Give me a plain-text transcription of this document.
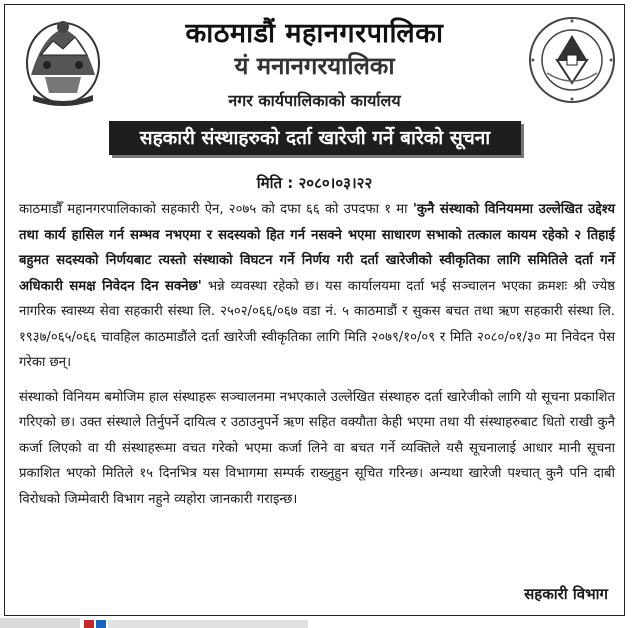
काठमाडौं महानगरपालिका
यं मनानगरयालिका
नगर कार्यपालिकाको कार्यालय
सहकारी संस्थाहरुको दर्ता खारेजी गर्ने बारेको सूचना
मिति : २०८०।०३।२२

काठमाडौँ महानगरपालिकाको सहकारी ऐन, २०७५ को दफा ६६ को उपदफा १ मा 'कुनै संस्थाको विनियममा उल्लेखित उद्देश्य तथा कार्य हासिल गर्न सम्भव नभएमा र सदस्यको हित गर्न नसक्ने भएमा साधारण सभाको तत्काल कायम रहेको २ तिहाई बहुमत सदस्यको निर्णयबाट त्यस्तो संस्थाको विघटन गर्ने निर्णय गरी दर्ता खारेजीको स्वीकृतिका लागि समितिले दर्ता गर्ने अधिकारी समक्ष निवेदन दिन सक्नेछ' भन्ने व्यवस्था रहेको छ। यस कार्यालयमा दर्ता भई सञ्चालन भएका क्रमशः श्री ज्येष्ठ नागरिक स्वास्थ्य सेवा सहकारी संस्था लि. २५०२/०६६/०६७ वडा नं. ५ काठमाडौं र सुकस बचत तथा ऋण सहकारी संस्था लि. १९३७/०६५/०६६ चावहिल काठमाडौंले दर्ता खारेजी स्वीकृतिका लागि मिति २०७९/१०/०९ र मिति २०८०/०१/३० मा निवेदन पेस गरेका छन्।

संस्थाको विनियम बमोजिम हाल संस्थाहरू सञ्चालनमा नभएकाले उल्लेखित संस्थाहरु दर्ता खारेजीको लागि यो सूचना प्रकाशित गरिएको छ। उक्त संस्थाले तिर्नुपर्ने दायित्व र उठाउनुपर्ने ऋण सहित वक्यौता केही भएमा तथा यी संस्थाहरुबाट धितो राखी कुनै कर्जा लिएको वा यी संस्थाहरूमा वचत गरेको भएमा कर्जा लिने वा बचत गर्ने व्यक्तिले यसै सूचनालाई आधार मानी सूचना प्रकाशित भएको मितिले १५ दिनभित्र यस विभागमा सम्पर्क राख्नुहुन सूचित गरिन्छ। अन्यथा खारेजी पश्चात् कुनै पनि दाबी विरोधको जिम्मेवारी विभाग नहुने व्यहोरा जानकारी गराइन्छ।

सहकारी विभाग
